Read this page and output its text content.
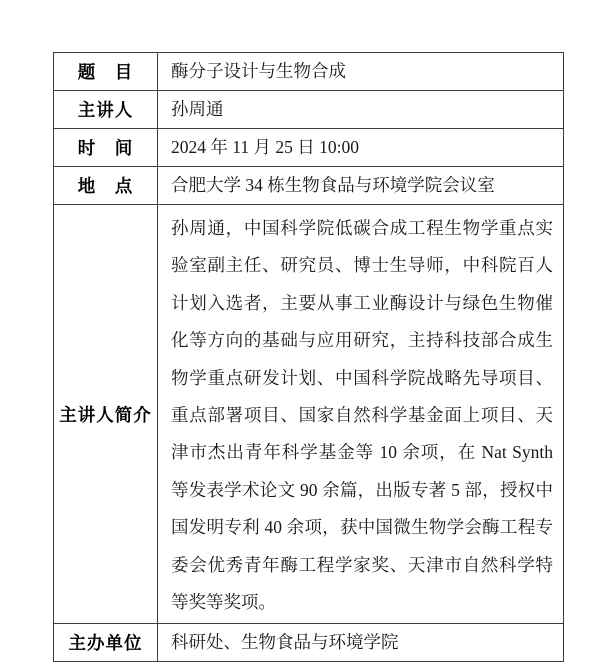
题　目	酶分子设计与生物合成
主讲人	孙周通
时　间	2024 年 11 月 25 日 10:00
地　点	合肥大学 34 栋生物食品与环境学院会议室
主讲人简介	孙周通，中国科学院低碳合成工程生物学重点实验室副主任、研究员、博士生导师，中科院百人计划入选者，主要从事工业酶设计与绿色生物催化等方向的基础与应用研究，主持科技部合成生物学重点研发计划、中国科学院战略先导项目、重点部署项目、国家自然科学基金面上项目、天津市杰出青年科学基金等 10 余项，在 Nat Synth 等发表学术论文 90 余篇，出版专著 5 部，授权中国发明专利 40 余项，获中国微生物学会酶工程专委会优秀青年酶工程学家奖、天津市自然科学特等奖等奖项。
主办单位	科研处、生物食品与环境学院
